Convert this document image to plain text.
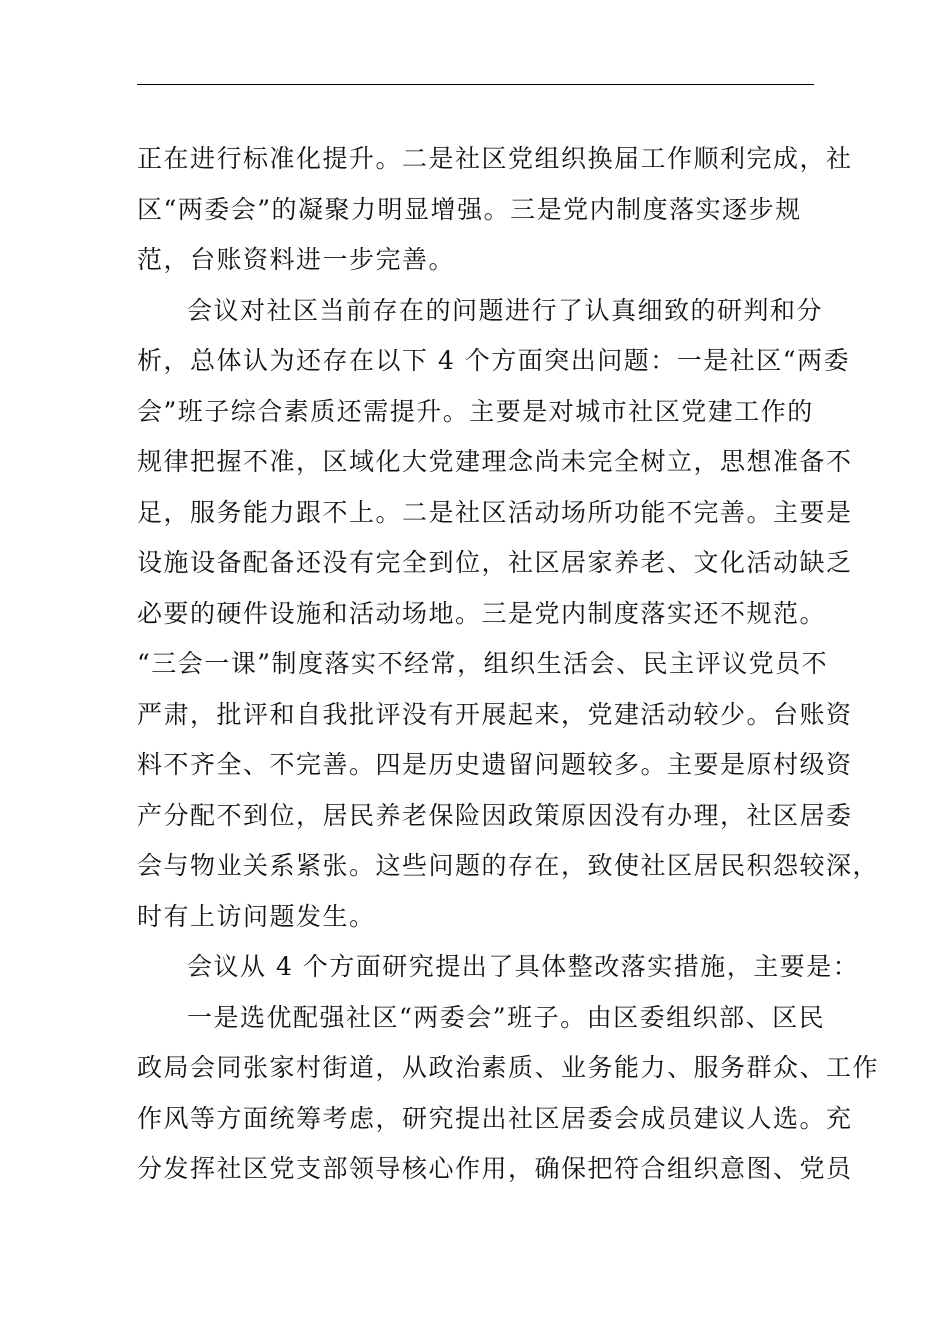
正在进行标准化提升。二是社区党组织换届工作顺利完成，社
区“两委会”的凝聚力明显增强。三是党内制度落实逐步规
范，台账资料进一步完善。
会议对社区当前存在的问题进行了认真细致的研判和分
析，总体认为还存在以下 4 个方面突出问题：一是社区“两委
会”班子综合素质还需提升。主要是对城市社区党建工作的
规律把握不准，区域化大党建理念尚未完全树立，思想准备不
足，服务能力跟不上。二是社区活动场所功能不完善。主要是
设施设备配备还没有完全到位，社区居家养老、文化活动缺乏
必要的硬件设施和活动场地。三是党内制度落实还不规范。
“三会一课”制度落实不经常，组织生活会、民主评议党员不
严肃，批评和自我批评没有开展起来，党建活动较少。台账资
料不齐全、不完善。四是历史遗留问题较多。主要是原村级资
产分配不到位，居民养老保险因政策原因没有办理，社区居委
会与物业关系紧张。这些问题的存在，致使社区居民积怨较深，
时有上访问题发生。
会议从 4 个方面研究提出了具体整改落实措施，主要是：
一是选优配强社区“两委会”班子。由区委组织部、区民
政局会同张家村街道，从政治素质、业务能力、服务群众、工作
作风等方面统筹考虑，研究提出社区居委会成员建议人选。充
分发挥社区党支部领导核心作用，确保把符合组织意图、党员
